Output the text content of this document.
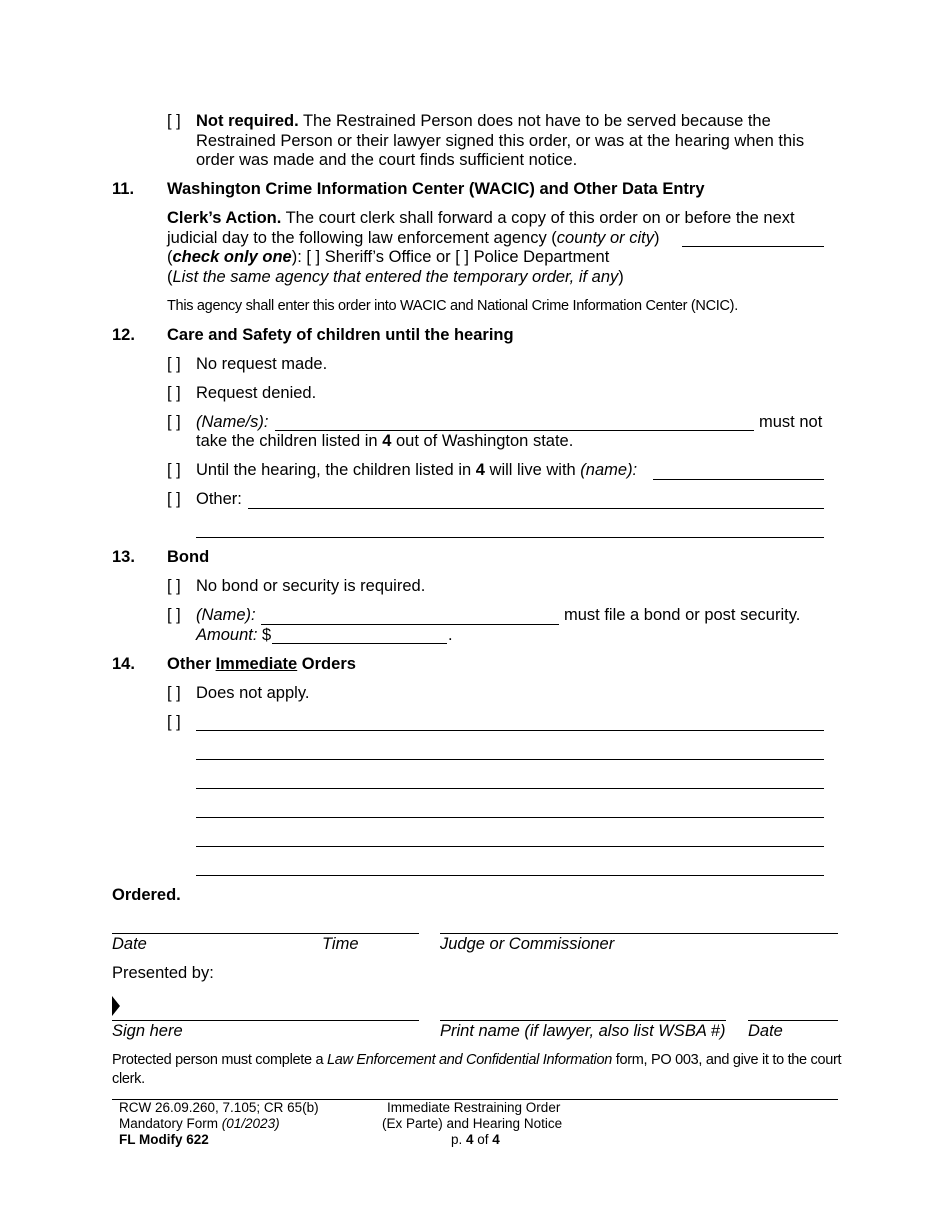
[ ] Not required. The Restrained Person does not have to be served because the
Restrained Person or their lawyer signed this order, or was at the hearing when this
order was made and the court finds sufficient notice.
11. Washington Crime Information Center (WACIC) and Other Data Entry
Clerk’s Action. The court clerk shall forward a copy of this order on or before the next
judicial day to the following law enforcement agency (county or city)
(check only one): [ ] Sheriff’s Office or [ ] Police Department
(List the same agency that entered the temporary order, if any)
This agency shall enter this order into WACIC and National Crime Information Center (NCIC).
12. Care and Safety of children until the hearing
[ ] No request made.
[ ] Request denied.
[ ] (Name/s):	must not
take the children listed in 4 out of Washington state.
[ ] Until the hearing, the children listed in 4 will live with (name):
[ ] Other:
13. Bond
[ ] No bond or security is required.
[ ] (Name):	must file a bond or post security.
Amount: $	.
14. Other Immediate Orders
[ ] Does not apply.
[ ]
Ordered.
Date	Time	Judge or Commissioner
Presented by:
Sign here	Print name (if lawyer, also list WSBA #) Date
Protected person must complete a Law Enforcement and Confidential Information form, PO 003, and give it to the court
clerk.
RCW 26.09.260, 7.105; CR 65(b)
Mandatory Form (01/2023)
FL Modify 622
Immediate Restraining Order
(Ex Parte) and Hearing Notice
p. 4 of 4
